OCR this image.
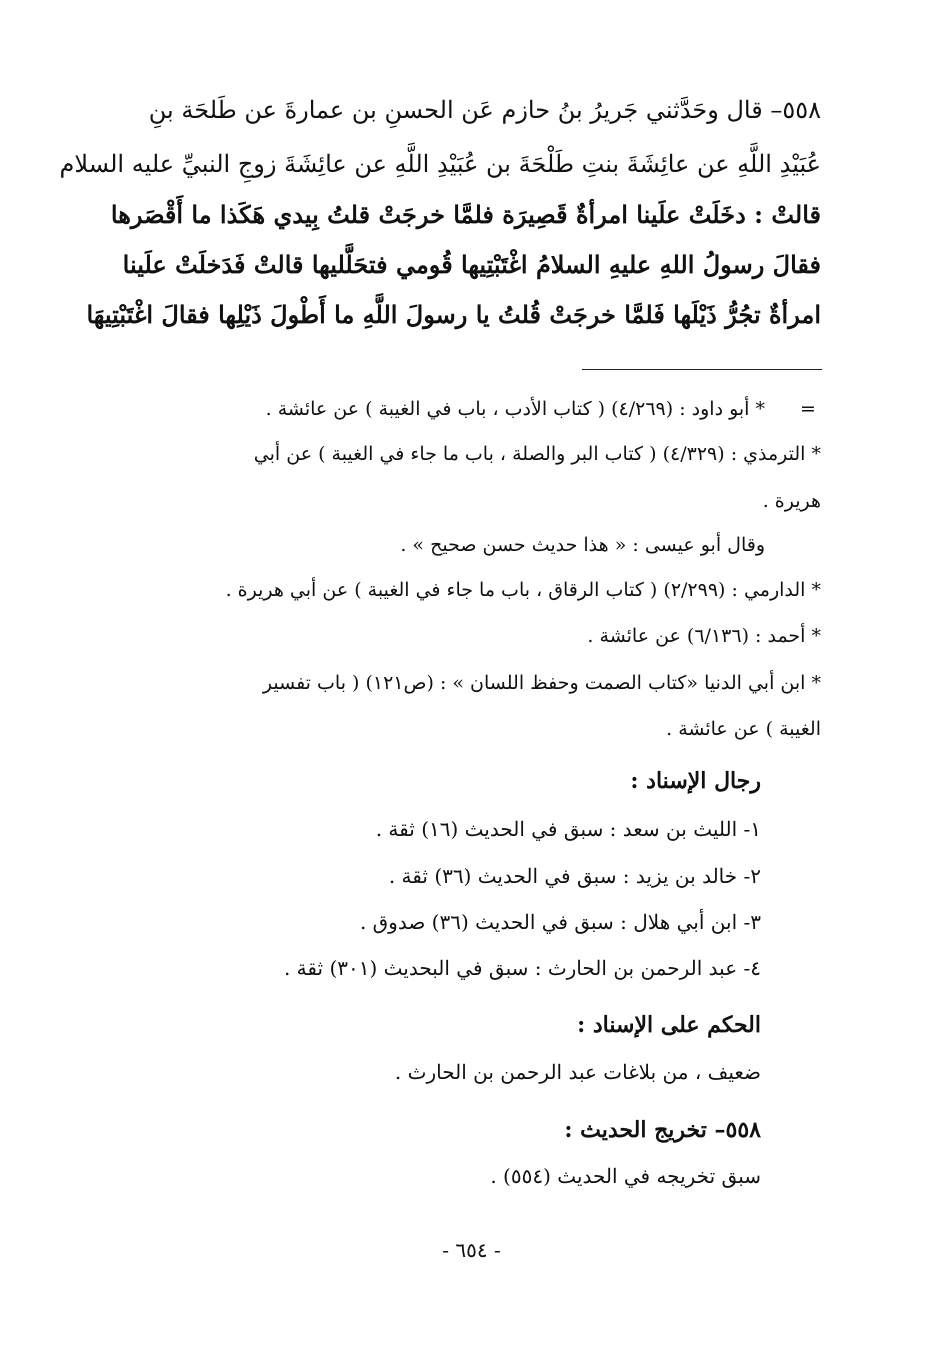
٥٥٨– قال وحَدَّثني جَريرُ بنُ حازم عَن الحسنِ بن عمارةَ عن طَلحَة بنِ
عُبَيْدِ اللَّهِ عن عائِشَةَ بنتِ طَلْحَةَ بن عُبَيْدِ اللَّهِ عن عائِشَةَ زوجِ النبيِّ عليه السلام
قالتْ : دخَلَتْ علَينا امرأةٌ قَصِيرَة فلمَّا خرجَتْ قلتُ بِيدي هَكَذا ما أَقْصَرها
فقالَ رسولُ اللهِ عليهِ السلامُ اغْتَبْتِيها قُومي فتحَلَّليها قالتْ فَدَخلَتْ علَينا
امرأةٌ تجُرُّ ذَيْلَها فَلمَّا خرجَتْ قُلتُ يا رسولَ اللَّهِ ما أَطْولَ ذَيْلِها فقالَ اغْتَبْتِيهَا
=
* أبو داود : (٤/٢٦٩) ( كتاب الأدب ، باب في الغيبة ) عن عائشة .
* الترمذي : (٤/٣٢٩) ( كتاب البر والصلة ، باب ما جاء في الغيبة ) عن أبي
هريرة .
وقال أبو عيسى : « هذا حديث حسن صحيح » .
* الدارمي : (٢/٢٩٩) ( كتاب الرقاق ، باب ما جاء في الغيبة ) عن أبي هريرة .
* أحمد : (٦/١٣٦) عن عائشة .
* ابن أبي الدنيا «كتاب الصمت وحفظ اللسان » : (ص١٢١) ( باب تفسير
الغيبة ) عن عائشة .
رجال الإسناد :
١- الليث بن سعد : سبق في الحديث (١٦) ثقة .
٢- خالد بن يزيد : سبق في الحديث (٣٦) ثقة .
٣- ابن أبي هلال : سبق في الحديث (٣٦) صدوق .
٤- عبد الرحمن بن الحارث : سبق في البحديث (٣٠١) ثقة .
الحكم على الإسناد :
ضعيف ، من بلاغات عبد الرحمن بن الحارث .
٥٥٨– تخريج الحديث :
سبق تخريجه في الحديث (٥٥٤) .
- ٦٥٤ -
